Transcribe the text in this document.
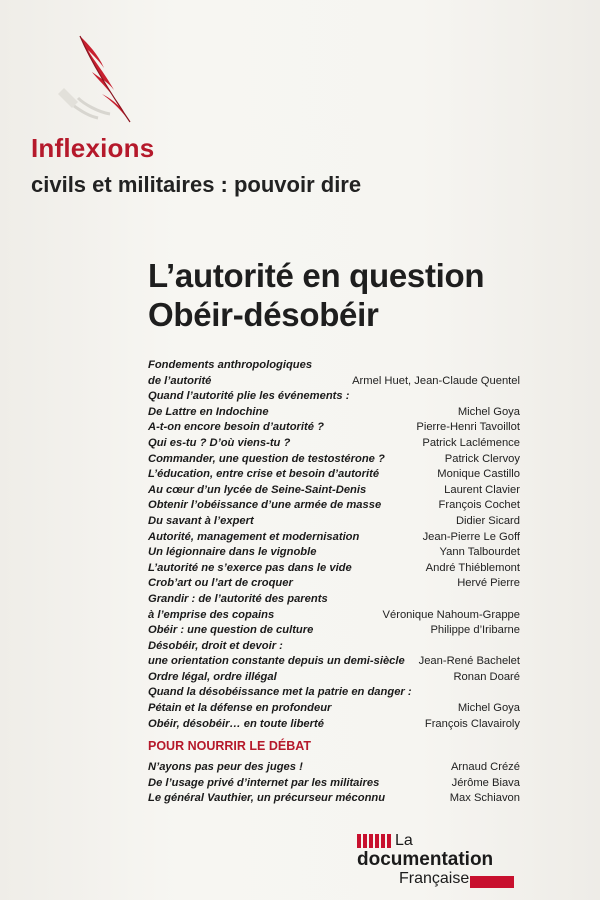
Inflexions
civils et militaires : pouvoir dire
L’autorité en question
Obéir-désobéir
Fondements anthropologiques
de l’autorité	Armel Huet, Jean-Claude Quentel
Quand l’autorité plie les événements :
De Lattre en Indochine	Michel Goya
A-t-on encore besoin d’autorité ?	Pierre-Henri Tavoillot
Qui es-tu ? D’où viens-tu ?	Patrick Laclémence
Commander, une question de testostérone ?	Patrick Clervoy
L’éducation, entre crise et besoin d’autorité	Monique Castillo
Au cœur d’un lycée de Seine-Saint-Denis	Laurent Clavier
Obtenir l’obéissance d’une armée de masse	François Cochet
Du savant à l’expert	Didier Sicard
Autorité, management et modernisation	Jean-Pierre Le Goff
Un légionnaire dans le vignoble	Yann Talbourdet
L’autorité ne s’exerce pas dans le vide	André Thiéblemont
Crob’art ou l’art de croquer	Hervé Pierre
Grandir : de l’autorité des parents
à l’emprise des copains	Véronique Nahoum-Grappe
Obéir : une question de culture	Philippe d’Iribarne
Désobéir, droit et devoir :
une orientation constante depuis un demi-siècle Jean-René Bachelet
Ordre légal, ordre illégal	Ronan Doaré
Quand la désobéissance met la patrie en danger :
Pétain et la défense en profondeur	Michel Goya
Obéir, désobéir… en toute liberté	François Clavairoly
POUR NOURRIR LE DÉBAT
N’ayons pas peur des juges !	Arnaud Crézé
De l’usage privé d’internet par les militaires	Jérôme Biava
Le général Vauthier, un précurseur méconnu	Max Schiavon
La
documentation
Française
